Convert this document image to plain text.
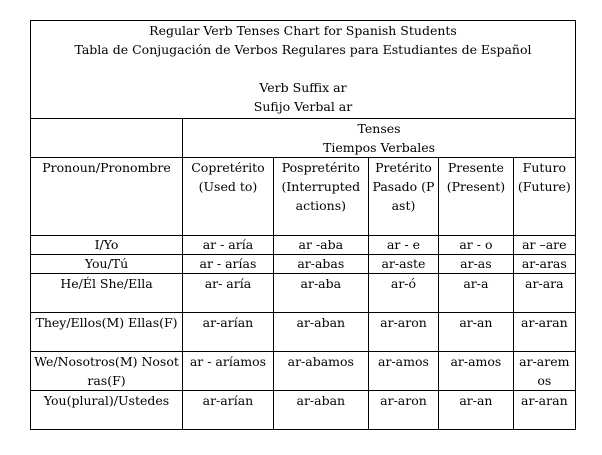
Regular Verb Tenses Chart for Spanish Students
Tabla de Conjugación de Verbos Regulares para Estudiantes de Español
Verb Suffix ar
Sufijo Verbal ar					

	Tenses
Tiempos Verbales				

Pronoun/Pronombre	Copretérito (Used to)	Pospretérito (Interrupted actions)	Pretérito Pasado (Past)	Presente (Present)	Futuro (Future)
I/Yo	ar - aría	ar -aba	ar - e	ar - o	ar –are
You/Tú	ar - arías	ar-abas	ar-aste	ar-as	ar-aras
He/Él She/Ella	ar- aría	ar-aba	ar-ó	ar-a	ar-ara
They/Ellos(M) Ellas(F)	ar-arían	ar-aban	ar-aron	ar-an	ar-aran
We/Nosotros(M) Nosotras(F)	ar - aríamos	ar-abamos	ar-amos	ar-amos	ar-aremos
You(plural)/Ustedes	ar-arían	ar-aban	ar-aron	ar-an	ar-aran
